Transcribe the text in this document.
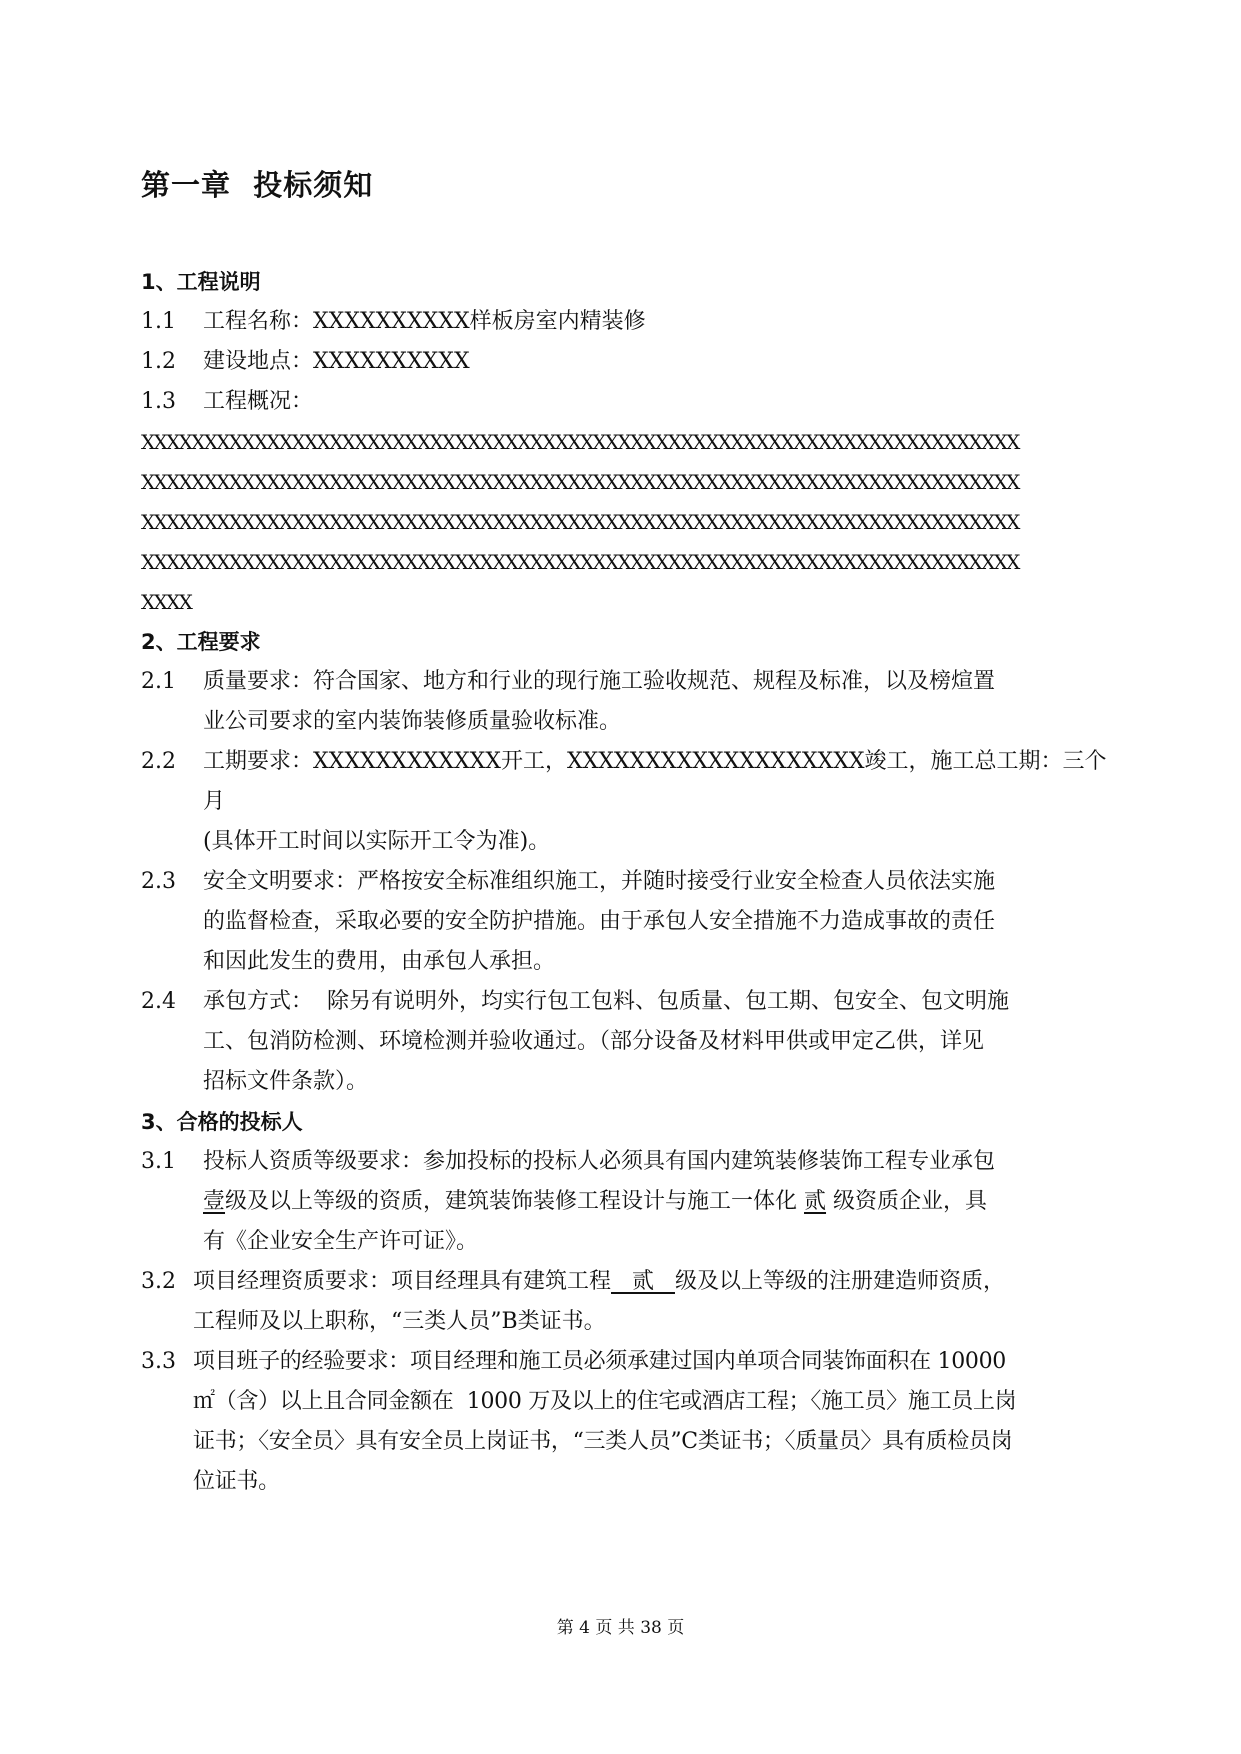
第一章  投标须知
1、工程说明
1.1	工程名称：XXXXXXXXXX样板房室内精装修
1.2	建设地点：XXXXXXXXXX
1.3	工程概况：
XXXXXXXXXXXXXXXXXXXXXXXXXXXXXXXXXXXXXXXXXXXXXXXXXXXXXXXXXXXXXXXXXXXXXX
XXXXXXXXXXXXXXXXXXXXXXXXXXXXXXXXXXXXXXXXXXXXXXXXXXXXXXXXXXXXXXXXXXXXXX
XXXXXXXXXXXXXXXXXXXXXXXXXXXXXXXXXXXXXXXXXXXXXXXXXXXXXXXXXXXXXXXXXXXXXX
XXXXXXXXXXXXXXXXXXXXXXXXXXXXXXXXXXXXXXXXXXXXXXXXXXXXXXXXXXXXXXXXXXXXXX
XXXX
2、工程要求
2.1	质量要求：符合国家、地方和行业的现行施工验收规范、规程及标准，以及榜煊置
业公司要求的室内装饰装修质量验收标准。
2.2	工期要求：XXXXXXXXXXXX开工，XXXXXXXXXXXXXXXXXXX竣工，施工总工期：三个月
(具体开工时间以实际开工令为准)。
2.3	安全文明要求：严格按安全标准组织施工，并随时接受行业安全检查人员依法实施
的监督检查，采取必要的安全防护措施。由于承包人安全措施不力造成事故的责任
和因此发生的费用，由承包人承担。
2.4	承包方式：  除另有说明外，均实行包工包料、包质量、包工期、包安全、包文明施
工、包消防检测、环境检测并验收通过。（部分设备及材料甲供或甲定乙供，详见
招标文件条款）。
3、合格的投标人
3.1	投标人资质等级要求：参加投标的投标人必须具有国内建筑装修装饰工程专业承包
壹级及以上等级的资质，建筑装饰装修工程设计与施工一体化 贰 级资质企业，具
有《企业安全生产许可证》。
3.2 项目经理资质要求：项目经理具有建筑工程   贰   级及以上等级的注册建造师资质，
工程师及以上职称，“三类人员”B类证书。
3.3 项目班子的经验要求：项目经理和施工员必须承建过国内单项合同装饰面积在 10000
㎡（含）以上且合同金额在  1000 万及以上的住宅或酒店工程；〈施工员〉施工员上岗
证书；〈安全员〉具有安全员上岗证书，“三类人员”C类证书；〈质量员〉具有质检员岗
位证书。
第 4 页 共 38 页
